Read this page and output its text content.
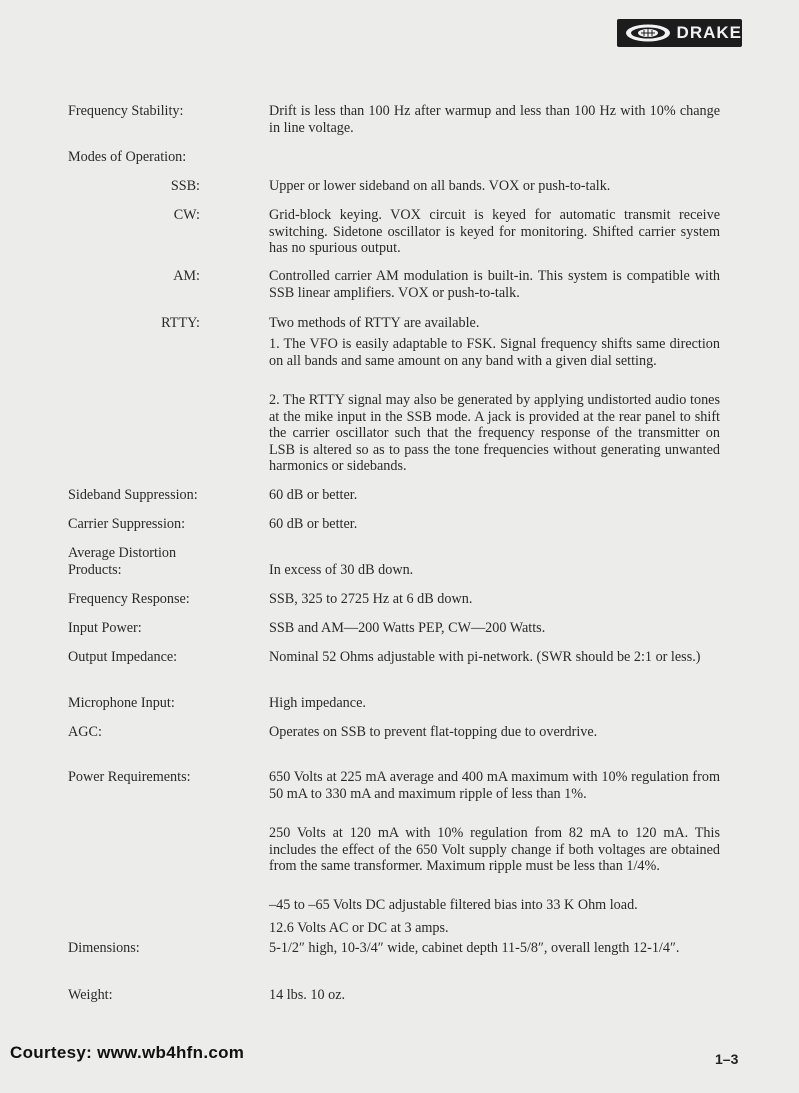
DRAKE
Frequency Stability:	Drift is less than 100 Hz after warmup and less than 100 Hz with 10% change in line voltage.
Modes of Operation:
SSB:	Upper or lower sideband on all bands. VOX or push-to-talk.
CW:	Grid-block keying. VOX circuit is keyed for automatic transmit receive switching. Sidetone oscillator is keyed for monitoring. Shifted carrier system has no spurious output.
AM:	Controlled carrier AM modulation is built-in. This system is compatible with SSB linear amplifiers. VOX or push-to-talk.
RTTY:	Two methods of RTTY are available.
1. The VFO is easily adaptable to FSK. Signal frequency shifts same direction on all bands and same amount on any band with a given dial setting.
2. The RTTY signal may also be generated by applying undistorted audio tones at the mike input in the SSB mode. A jack is provided at the rear panel to shift the carrier oscillator such that the frequency response of the transmitter on LSB is altered so as to pass the tone frequencies without generating unwanted harmonics or sidebands.
Sideband Suppression:	60 dB or better.
Carrier Suppression:	60 dB or better.
Average Distortion Products:	In excess of 30 dB down.
Frequency Response:	SSB, 325 to 2725 Hz at 6 dB down.
Input Power:	SSB and AM—200 Watts PEP, CW—200 Watts.
Output Impedance:	Nominal 52 Ohms adjustable with pi-network. (SWR should be 2:1 or less.)
Microphone Input:	High impedance.
AGC:	Operates on SSB to prevent flat-topping due to overdrive.
Power Requirements:	650 Volts at 225 mA average and 400 mA maximum with 10% regulation from 50 mA to 330 mA and maximum ripple of less than 1%.
250 Volts at 120 mA with 10% regulation from 82 mA to 120 mA. This includes the effect of the 650 Volt supply change if both voltages are obtained from the same transformer. Maximum ripple must be less than 1/4%.
–45 to –65 Volts DC adjustable filtered bias into 33 K Ohm load.
12.6 Volts AC or DC at 3 amps.
Dimensions:	5-1/2″ high, 10-3/4″ wide, cabinet depth 11-5/8″, overall length 12-1/4″.
Weight:	14 lbs. 10 oz.
Courtesy: www.wb4hfn.com	1–3
